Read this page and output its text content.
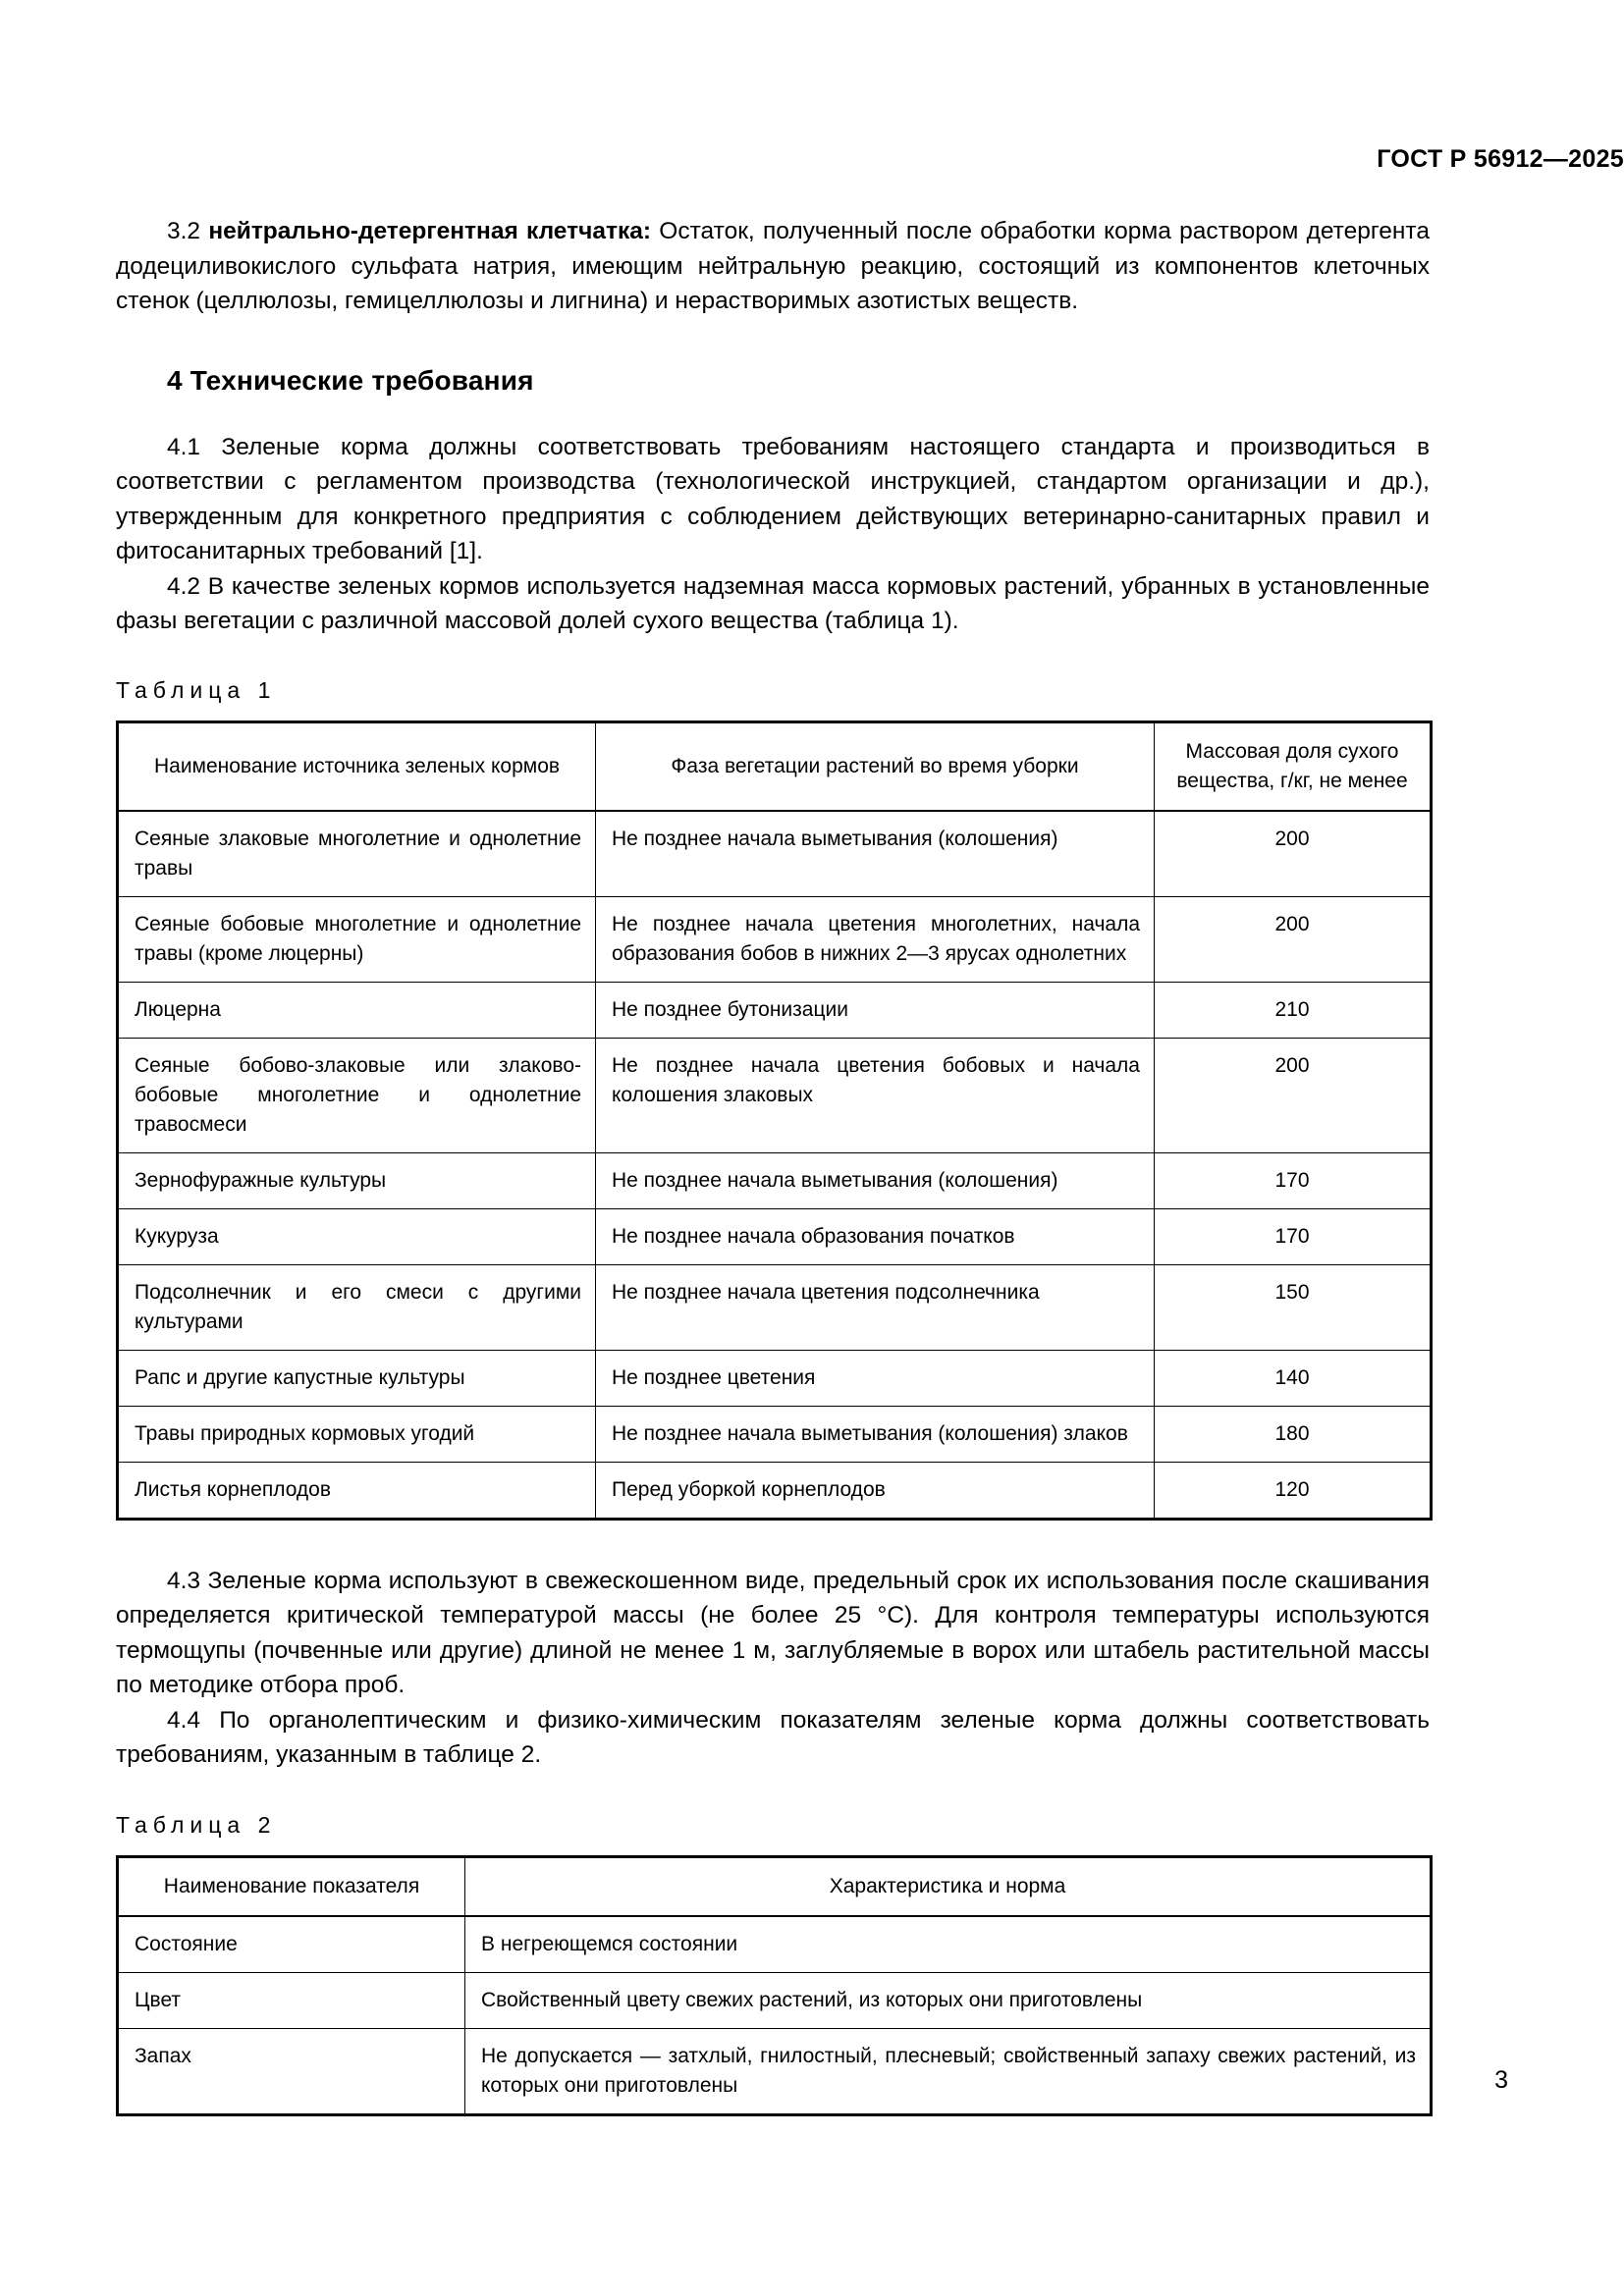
ГОСТ Р 56912—2025

3.2 нейтрально-детергентная клетчатка: Остаток, полученный после обработки корма раствором детергента додециливокислого сульфата натрия, имеющим нейтральную реакцию, состоящий из компонентов клеточных стенок (целлюлозы, гемицеллюлозы и лигнина) и нерастворимых азотистых веществ.

4 Технические требования

4.1 Зеленые корма должны соответствовать требованиям настоящего стандарта и производиться в соответствии с регламентом производства (технологической инструкцией, стандартом организации и др.), утвержденным для конкретного предприятия с соблюдением действующих ветеринарно-санитарных правил и фитосанитарных требований [1].

4.2 В качестве зеленых кормов используется надземная масса кормовых растений, убранных в установленные фазы вегетации с различной массовой долей сухого вещества (таблица 1).

Таблица 1
Наименование источника зеленых кормов	Фаза вегетации растений во время уборки	Массовая доля сухого вещества, г/кг, не менее

Сеяные злаковые многолетние и однолетние травы	Не позднее начала выметывания (колошения)	200

Сеяные бобовые многолетние и однолетние травы (кроме люцерны)	Не позднее начала цветения многолетних, начала образования бобов в нижних 2—3 ярусах однолетних	200

Люцерна	Не позднее бутонизации	210

Сеяные бобово-злаковые или злаково-бобовые многолетние и однолетние травосмеси	Не позднее начала цветения бобовых и начала колошения злаковых	200

Зернофуражные культуры	Не позднее начала выметывания (колошения)	170

Кукуруза	Не позднее начала образования початков	170

Подсолнечник и его смеси с другими культурами	Не позднее начала цветения подсолнечника	150

Рапс и другие капустные культуры	Не позднее цветения	140

Травы природных кормовых угодий	Не позднее начала выметывания (колошения) злаков	180

Листья корнеплодов	Перед уборкой корнеплодов	120

4.3 Зеленые корма используют в свежескошенном виде, предельный срок их использования после скашивания определяется критической температурой массы (не более 25 °C). Для контроля температуры используются термощупы (почвенные или другие) длиной не менее 1 м, заглубляемые в ворох или штабель растительной массы по методике отбора проб.

4.4 По органолептическим и физико-химическим показателям зеленые корма должны соответствовать требованиям, указанным в таблице 2.

Таблица 2
Наименование показателя	Характеристика и норма

Состояние	В негреющемся состоянии

Цвет	Свойственный цвету свежих растений, из которых они приготовлены

Запах	Не допускается — затхлый, гнилостный, плесневый; свойственный запаху свежих растений, из которых они приготовлены	3
